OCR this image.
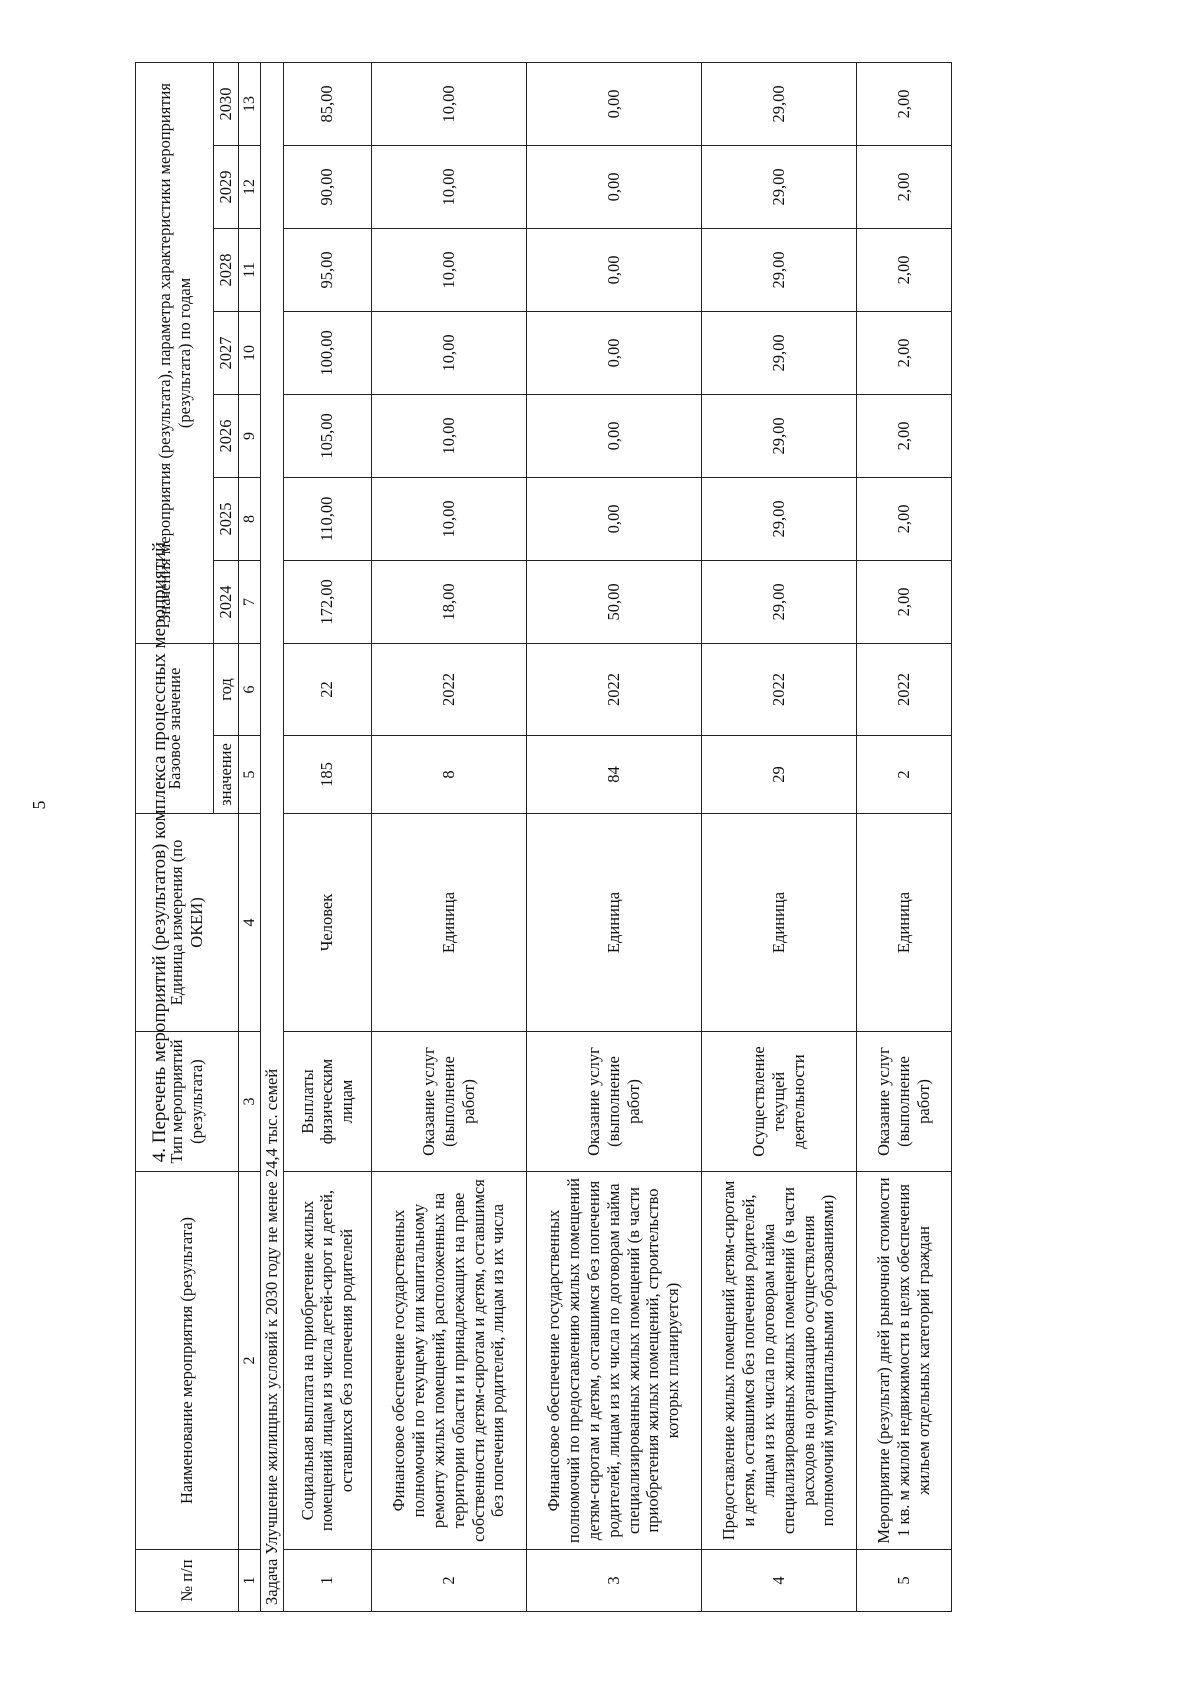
5	4. Перечень мероприятий (результатов) комплекса процессных мероприятий
№ п/п	Наименование мероприятия (результата)	Тип мероприятий (результата)	Единица измерения (по ОКЕИ)	Базовое значение		Значения мероприятия (результата), параметра характеристики мероприятия (результата) по годам						
				значение	год	2024	2025	2026	2027	2028	2029	2030
1	2	3	4	5	6	7	8	9	10	11	12	13
Задача Улучшение жилищных условий к 2030 году не менее 24,4 тыс. семей												
1	Социальная выплата на приобретение жилых помещений лицам из числа детей-сирот и детей, оставшихся без попечения родителей	Выплаты физическим лицам	Человек	185	22	172,00	110,00	105,00	100,00	95,00	90,00	85,00
2	Финансовое обеспечение государственных полномочий по текущему или капитальному ремонту жилых помещений, расположенных на территории области и принадлежащих на праве собственности детям-сиротам и детям, оставшимся без попечения родителей, лицам из их числа	Оказание услуг (выполнение работ)	Единица	8	2022	18,00	10,00	10,00	10,00	10,00	10,00	10,00
3	Финансовое обеспечение государственных полномочий по предоставлению жилых помещений детям-сиротам и детям, оставшимся без попечения родителей, лицам из их числа по договорам найма специализированных жилых помещений (в части приобретения жилых помещений, строительство которых планируется)	Оказание услуг (выполнение работ)	Единица	84	2022	50,00	0,00	0,00	0,00	0,00	0,00	0,00
4	Предоставление жилых помещений детям-сиротам и детям, оставшимся без попечения родителей, лицам из их числа по договорам найма специализированных жилых помещений (в части расходов на организацию осуществления полномочий муниципальными образованиями)	Осуществление текущей деятельности	Единица	29	2022	29,00	29,00	29,00	29,00	29,00	29,00	29,00
5	Мероприятие (результат) дней рыночной стоимости 1 кв. м жилой недвижимости в целях обеспечения жильем отдельных категорий граждан	Оказание услуг (выполнение работ)	Единица	2	2022	2,00	2,00	2,00	2,00	2,00	2,00	2,00
